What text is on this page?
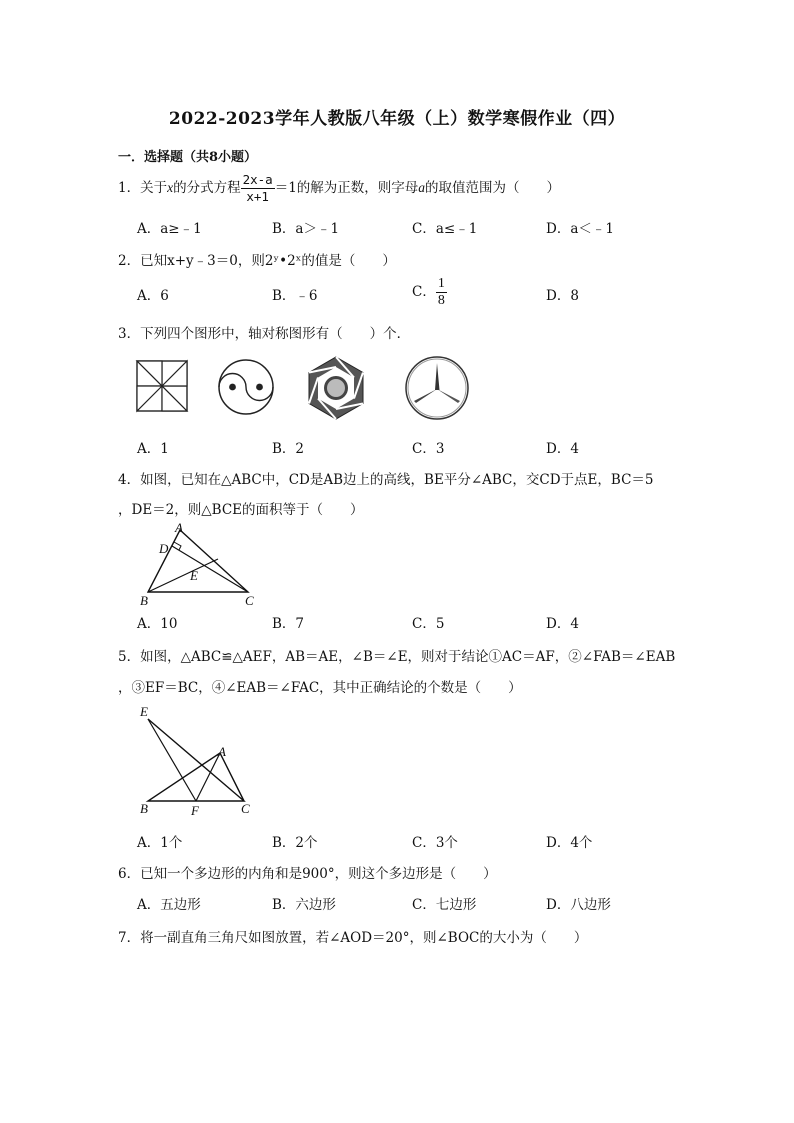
2022-2023学年人教版八年级（上）数学寒假作业（四）
一．选择题（共8小题）
1．关于x的分式方程 $\frac{2x-a}{x+1} =1$的解为正数，则字母a的取值范围为（　　）
A．a≥﹣1	B．a＞﹣1	C．a≤﹣1	D．a＜﹣1
2．已知x+y﹣3＝0，则2ʸ•2ˣ的值是（　　）
A．6	B．﹣6	C． $\frac{1}{8}$	D．8
3．下列四个图形中，轴对称图形有（　　）个．
A．1	B．2	C．3	D．4
4．如图，已知在△ABC中，CD是AB边上的高线，BE平分∠ABC，交CD于点E，BC＝5
，DE＝2，则△BCE的面积等于（　　）
A
D
E
B	C
A．10	B．7	C．5	D．4
5．如图，△ABC≌△AEF，AB＝AE，∠B＝∠E，则对于结论①AC＝AF，②∠FAB＝∠EAB
，③EF＝BC，④∠EAB＝∠FAC，其中正确结论的个数是（　　）
E
A
B	F	C
A．1个	B．2个	C．3个	D．4个
6．已知一个多边形的内角和是900°，则这个多边形是（　　）
A．五边形	B．六边形	C．七边形	D．八边形
7．将一副直角三角尺如图放置，若∠AOD＝20°，则∠BOC的大小为（　　）
